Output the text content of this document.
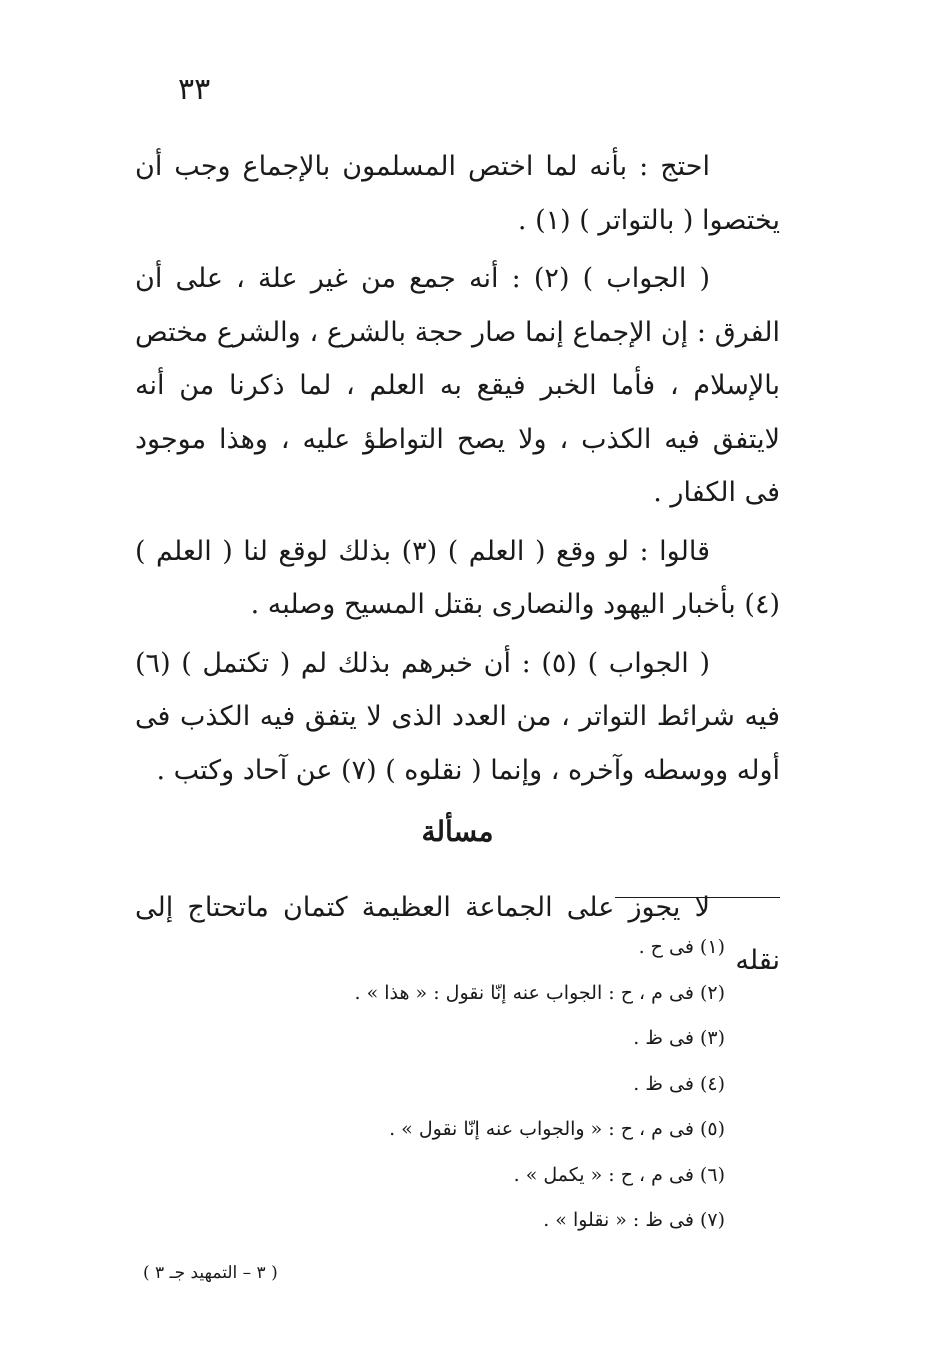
٣٣

احتج : بأنه لما اختص المسلمون بالإجماع وجب أن يختصوا ( بالتواتر ) (١) .

( الجواب ) (٢) : أنه جمع من غير علة ، على أن الفرق : إن الإجماع إنما صار حجة بالشرع ، والشرع مختص بالإسلام ، فأما الخبر فيقع به العلم ، لما ذكرنا من أنه لايتفق فيه الكذب ، ولا يصح التواطؤ عليه ، وهذا موجود فى الكفار .

قالوا : لو وقع ( العلم ) (٣) بذلك لوقع لنا ( العلم ) (٤) بأخبار اليهود والنصارى بقتل المسيح وصلبه .

( الجواب ) (٥) : أن خبرهم بذلك لم ( تكتمل ) (٦) فيه شرائط التواتر ، من العدد الذى لا يتفق فيه الكذب فى أوله ووسطه وآخره ، وإنما ( نقلوه ) (٧) عن آحاد وكتب .

مسألة

لا يجوز على الجماعة العظيمة كتمان ماتحتاج إلى نقله

(١) فى ح .
(٢) فى م ، ح : الجواب عنه إنّا نقول : « هذا » .
(٣) فى ظ .
(٤) فى ظ .
(٥) فى م ، ح : « والجواب عنه إنّا نقول » .
(٦) فى م ، ح : « يكمل » .
(٧) فى ظ : « نقلوا » .
( ٣ – التمهيد جـ ٣ )
